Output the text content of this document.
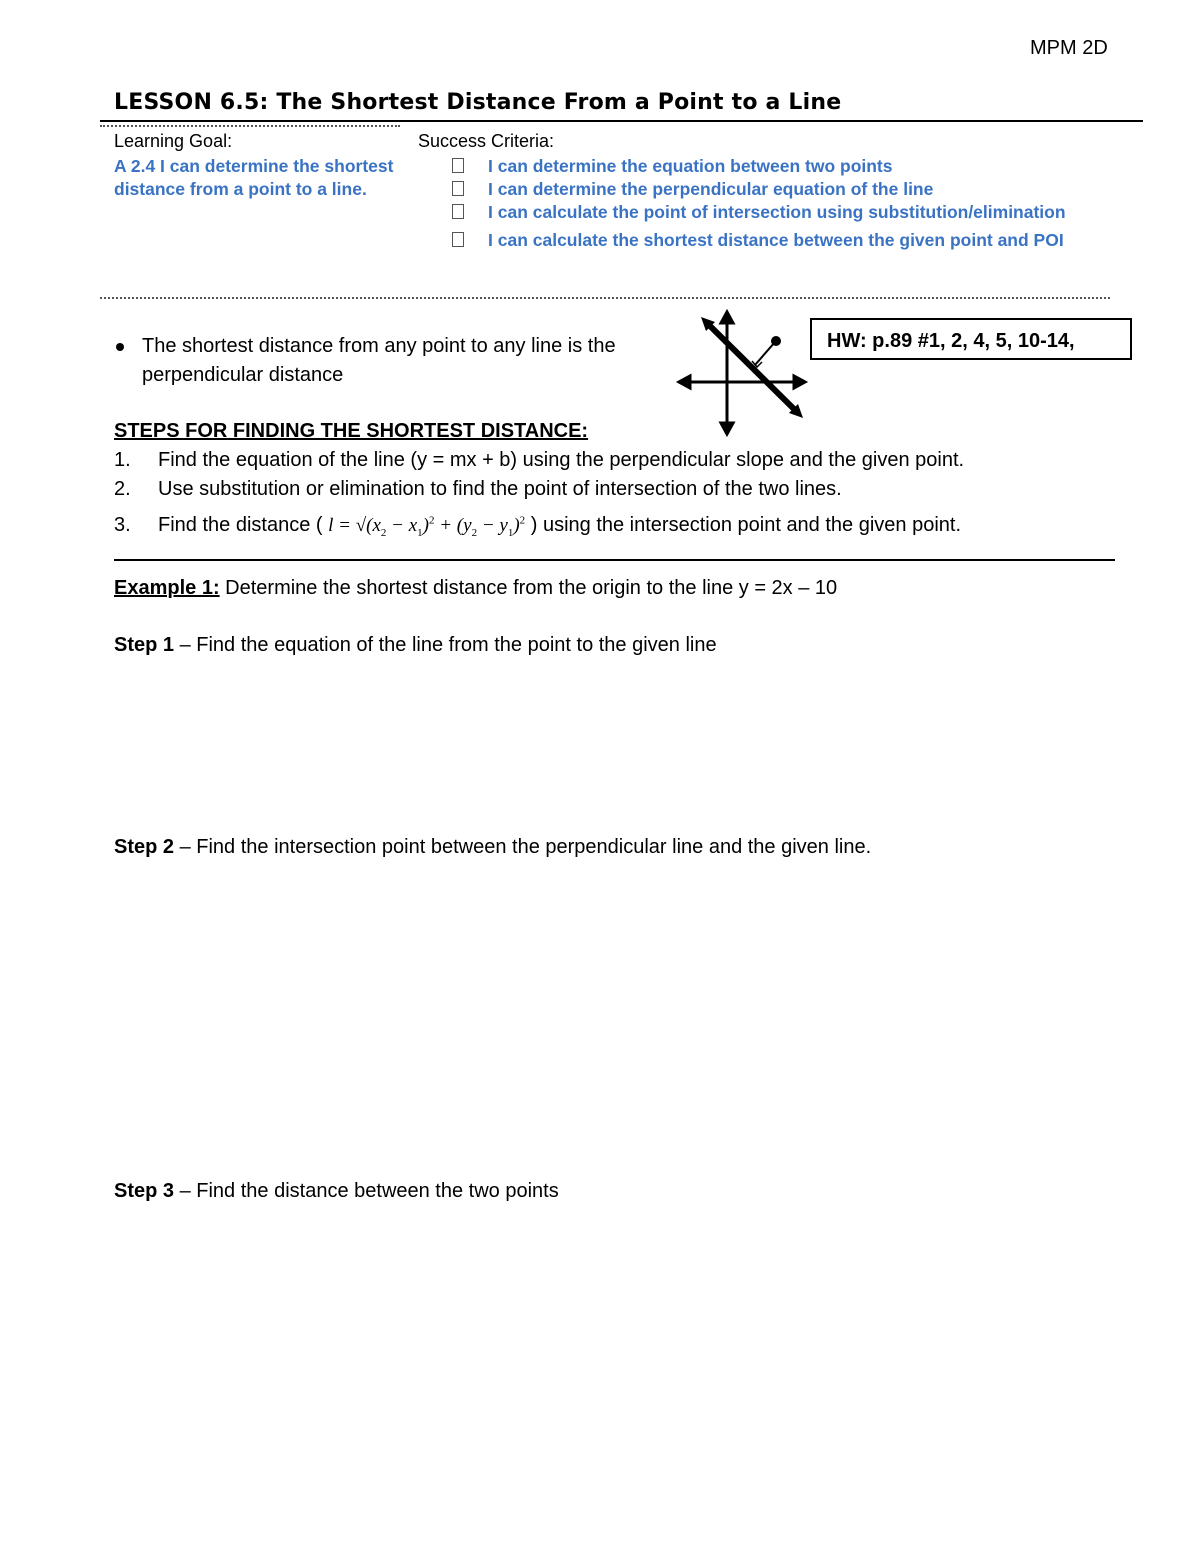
MPM 2D
LESSON 6.5: The Shortest Distance From a Point to a Line
Learning Goal:
A 2.4 I can determine the shortest distance from a point to a line.
Success Criteria:
I can determine the equation between two points
I can determine the perpendicular equation of the line
I can calculate the point of intersection using substitution/elimination
I can calculate the shortest distance between the given point and POI
The shortest distance from any point to any line is the perpendicular distance
HW: p.89 #1, 2, 4, 5, 10-14,
STEPS FOR FINDING THE SHORTEST DISTANCE:
1. Find the equation of the line (y = mx + b) using the perpendicular slope and the given point.
2. Use substitution or elimination to find the point of intersection of the two lines.
3. Find the distance ( $l = √(x_2 - x_1)^2 + (y_2 - y_1)^2$ ) using the intersection point and the given point.
Example 1: Determine the shortest distance from the origin to the line y = 2x – 10
Step 1 – Find the equation of the line from the point to the given line
Step 2 – Find the intersection point between the perpendicular line and the given line.
Step 3 – Find the distance between the two points
